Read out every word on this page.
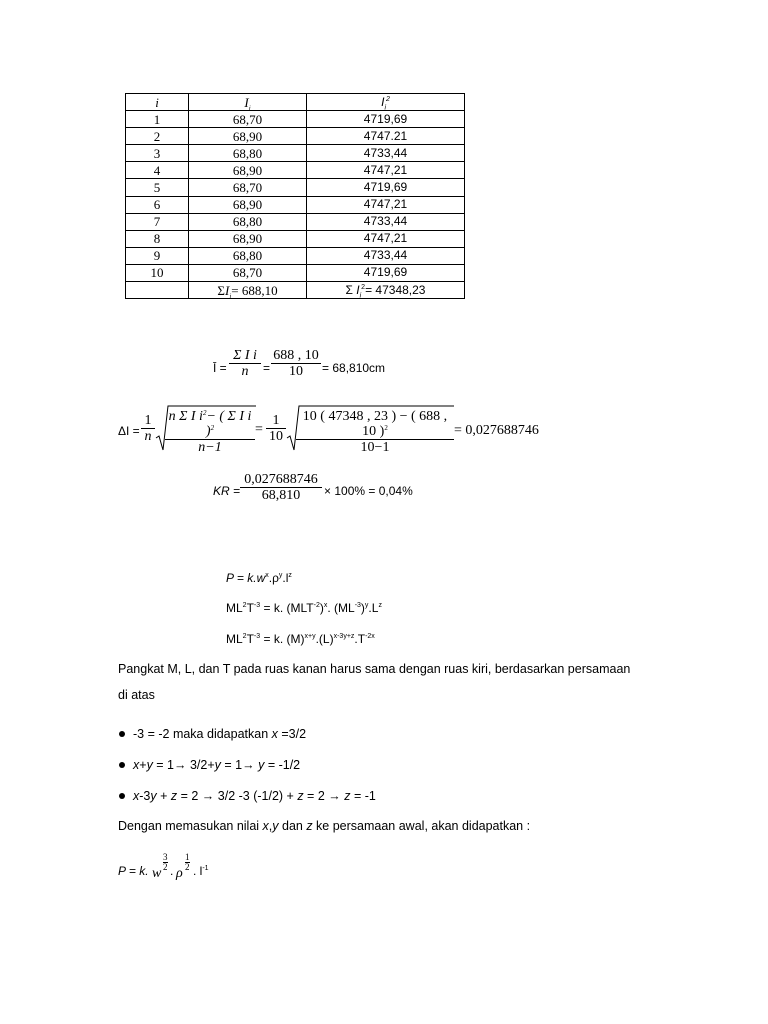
i	$I_i$	$I_i^2$
1	68,70	4719,69
2	68,90	4747.21
3	68,80	4733,44
4	68,90	4747,21
5	68,70	4719,69
6	68,90	4747,21
7	68,80	4733,44
8	68,90	4747,21
9	68,80	4733,44
10	68,70	4719,69
	$\Sigma I_i= 688,10$	Σ $I_i^2= 47348,23$
Ī = $\frac{\text{Σ I i}}{n} = \frac{688 , 10}{10} = 68,810cm$
$\Delta I = \frac{1}{n} \frac{n \Sigma I i^2- ( \Sigma I i )^2}{n-1} = \frac{1}{10} \frac{10 ( 47348 , 23 ) - ( 688 , 10 )^2}{10-1} = 0,027688746$
KR = $\frac{0,027688746}{68,810} \times 100\% = 0,04\%$
$P = k.w^x.\rho^y.l^z$
$ML^2T^{-3} = k$. $(MLT^{-2})^x$. $(ML^{-3})^y.L^z$
$ML^2T^{-3} = k$. $(M)^{x+y}.(L)^{x-3y+z}.T^{-2x}$
Pangkat M, L, dan T pada ruas kanan harus sama dengan ruas kiri, berdasarkan persamaan
di atas
-3 = -2 maka didapatkan x =3/2
x+y = 1→ 3/2+y = 1→ y = -1/2
x-3y + z = 2 → 3/2 -3 (-1/2) + z = 2 → z = -1
Dengan memasukan nilai x,y dan z ke persamaan awal, akan didapatkan :
P = k. w
3
2 . ρ
1
2 . $l^{-1}$
